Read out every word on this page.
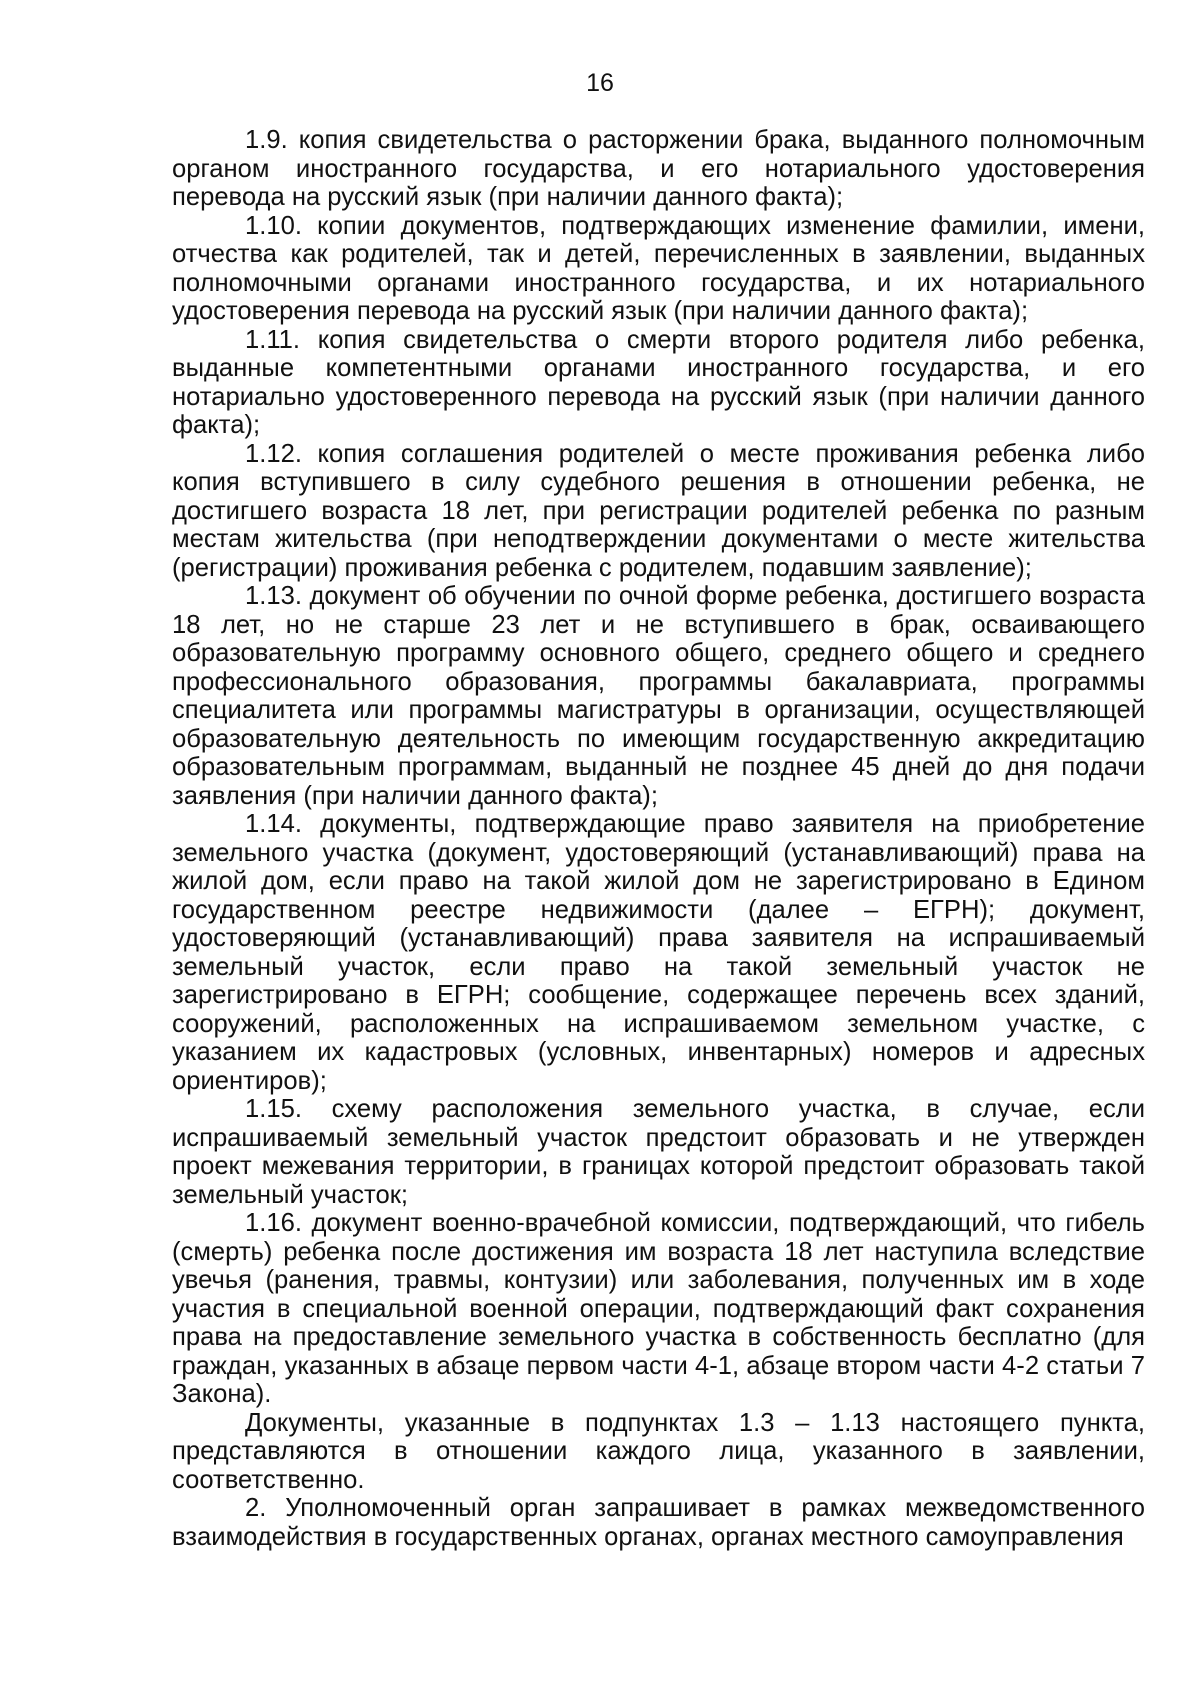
16

1.9. копия свидетельства о расторжении брака, выданного полномочным органом иностранного государства, и его нотариального удостоверения перевода на русский язык (при наличии данного факта);

1.10. копии документов, подтверждающих изменение фамилии, имени, отчества как родителей, так и детей, перечисленных в заявлении, выданных полномочными органами иностранного государства, и их нотариального удостоверения перевода на русский язык (при наличии данного факта);

1.11. копия свидетельства о смерти второго родителя либо ребенка, выданные компетентными органами иностранного государства, и его нотариально удостоверенного перевода на русский язык (при наличии данного факта);

1.12. копия соглашения родителей о месте проживания ребенка либо копия вступившего в силу судебного решения в отношении ребенка, не достигшего возраста 18 лет, при регистрации родителей ребенка по разным местам жительства (при неподтверждении документами о месте жительства (регистрации) проживания ребенка с родителем, подавшим заявление);

1.13. документ об обучении по очной форме ребенка, достигшего возраста 18 лет, но не старше 23 лет и не вступившего в брак, осваивающего образовательную программу основного общего, среднего общего и среднего профессионального образования, программы бакалавриата, программы специалитета или программы магистратуры в организации, осуществляющей образовательную деятельность по имеющим государственную аккредитацию образовательным программам, выданный не позднее 45 дней до дня подачи заявления (при наличии данного факта);

1.14. документы, подтверждающие право заявителя на приобретение земельного участка (документ, удостоверяющий (устанавливающий) права на жилой дом, если право на такой жилой дом не зарегистрировано в Едином государственном реестре недвижимости (далее – ЕГРН); документ, удостоверяющий (устанавливающий) права заявителя на испрашиваемый земельный участок, если право на такой земельный участок не зарегистрировано в ЕГРН; сообщение, содержащее перечень всех зданий, сооружений, расположенных на испрашиваемом земельном участке, с указанием их кадастровых (условных, инвентарных) номеров и адресных ориентиров);

1.15. схему расположения земельного участка, в случае, если испрашиваемый земельный участок предстоит образовать и не утвержден проект межевания территории, в границах которой предстоит образовать такой земельный участок;

1.16. документ военно-врачебной комиссии, подтверждающий, что гибель (смерть) ребенка после достижения им возраста 18 лет наступила вследствие увечья (ранения, травмы, контузии) или заболевания, полученных им в ходе участия в специальной военной операции, подтверждающий факт сохранения права на предоставление земельного участка в собственность бесплатно (для граждан, указанных в абзаце первом части 4-1, абзаце втором части 4-2 статьи 7 Закона).

Документы, указанные в подпунктах 1.3 – 1.13 настоящего пункта, представляются в отношении каждого лица, указанного в заявлении, соответственно.

2. Уполномоченный орган запрашивает в рамках межведомственного взаимодействия в государственных органах, органах местного самоуправления
